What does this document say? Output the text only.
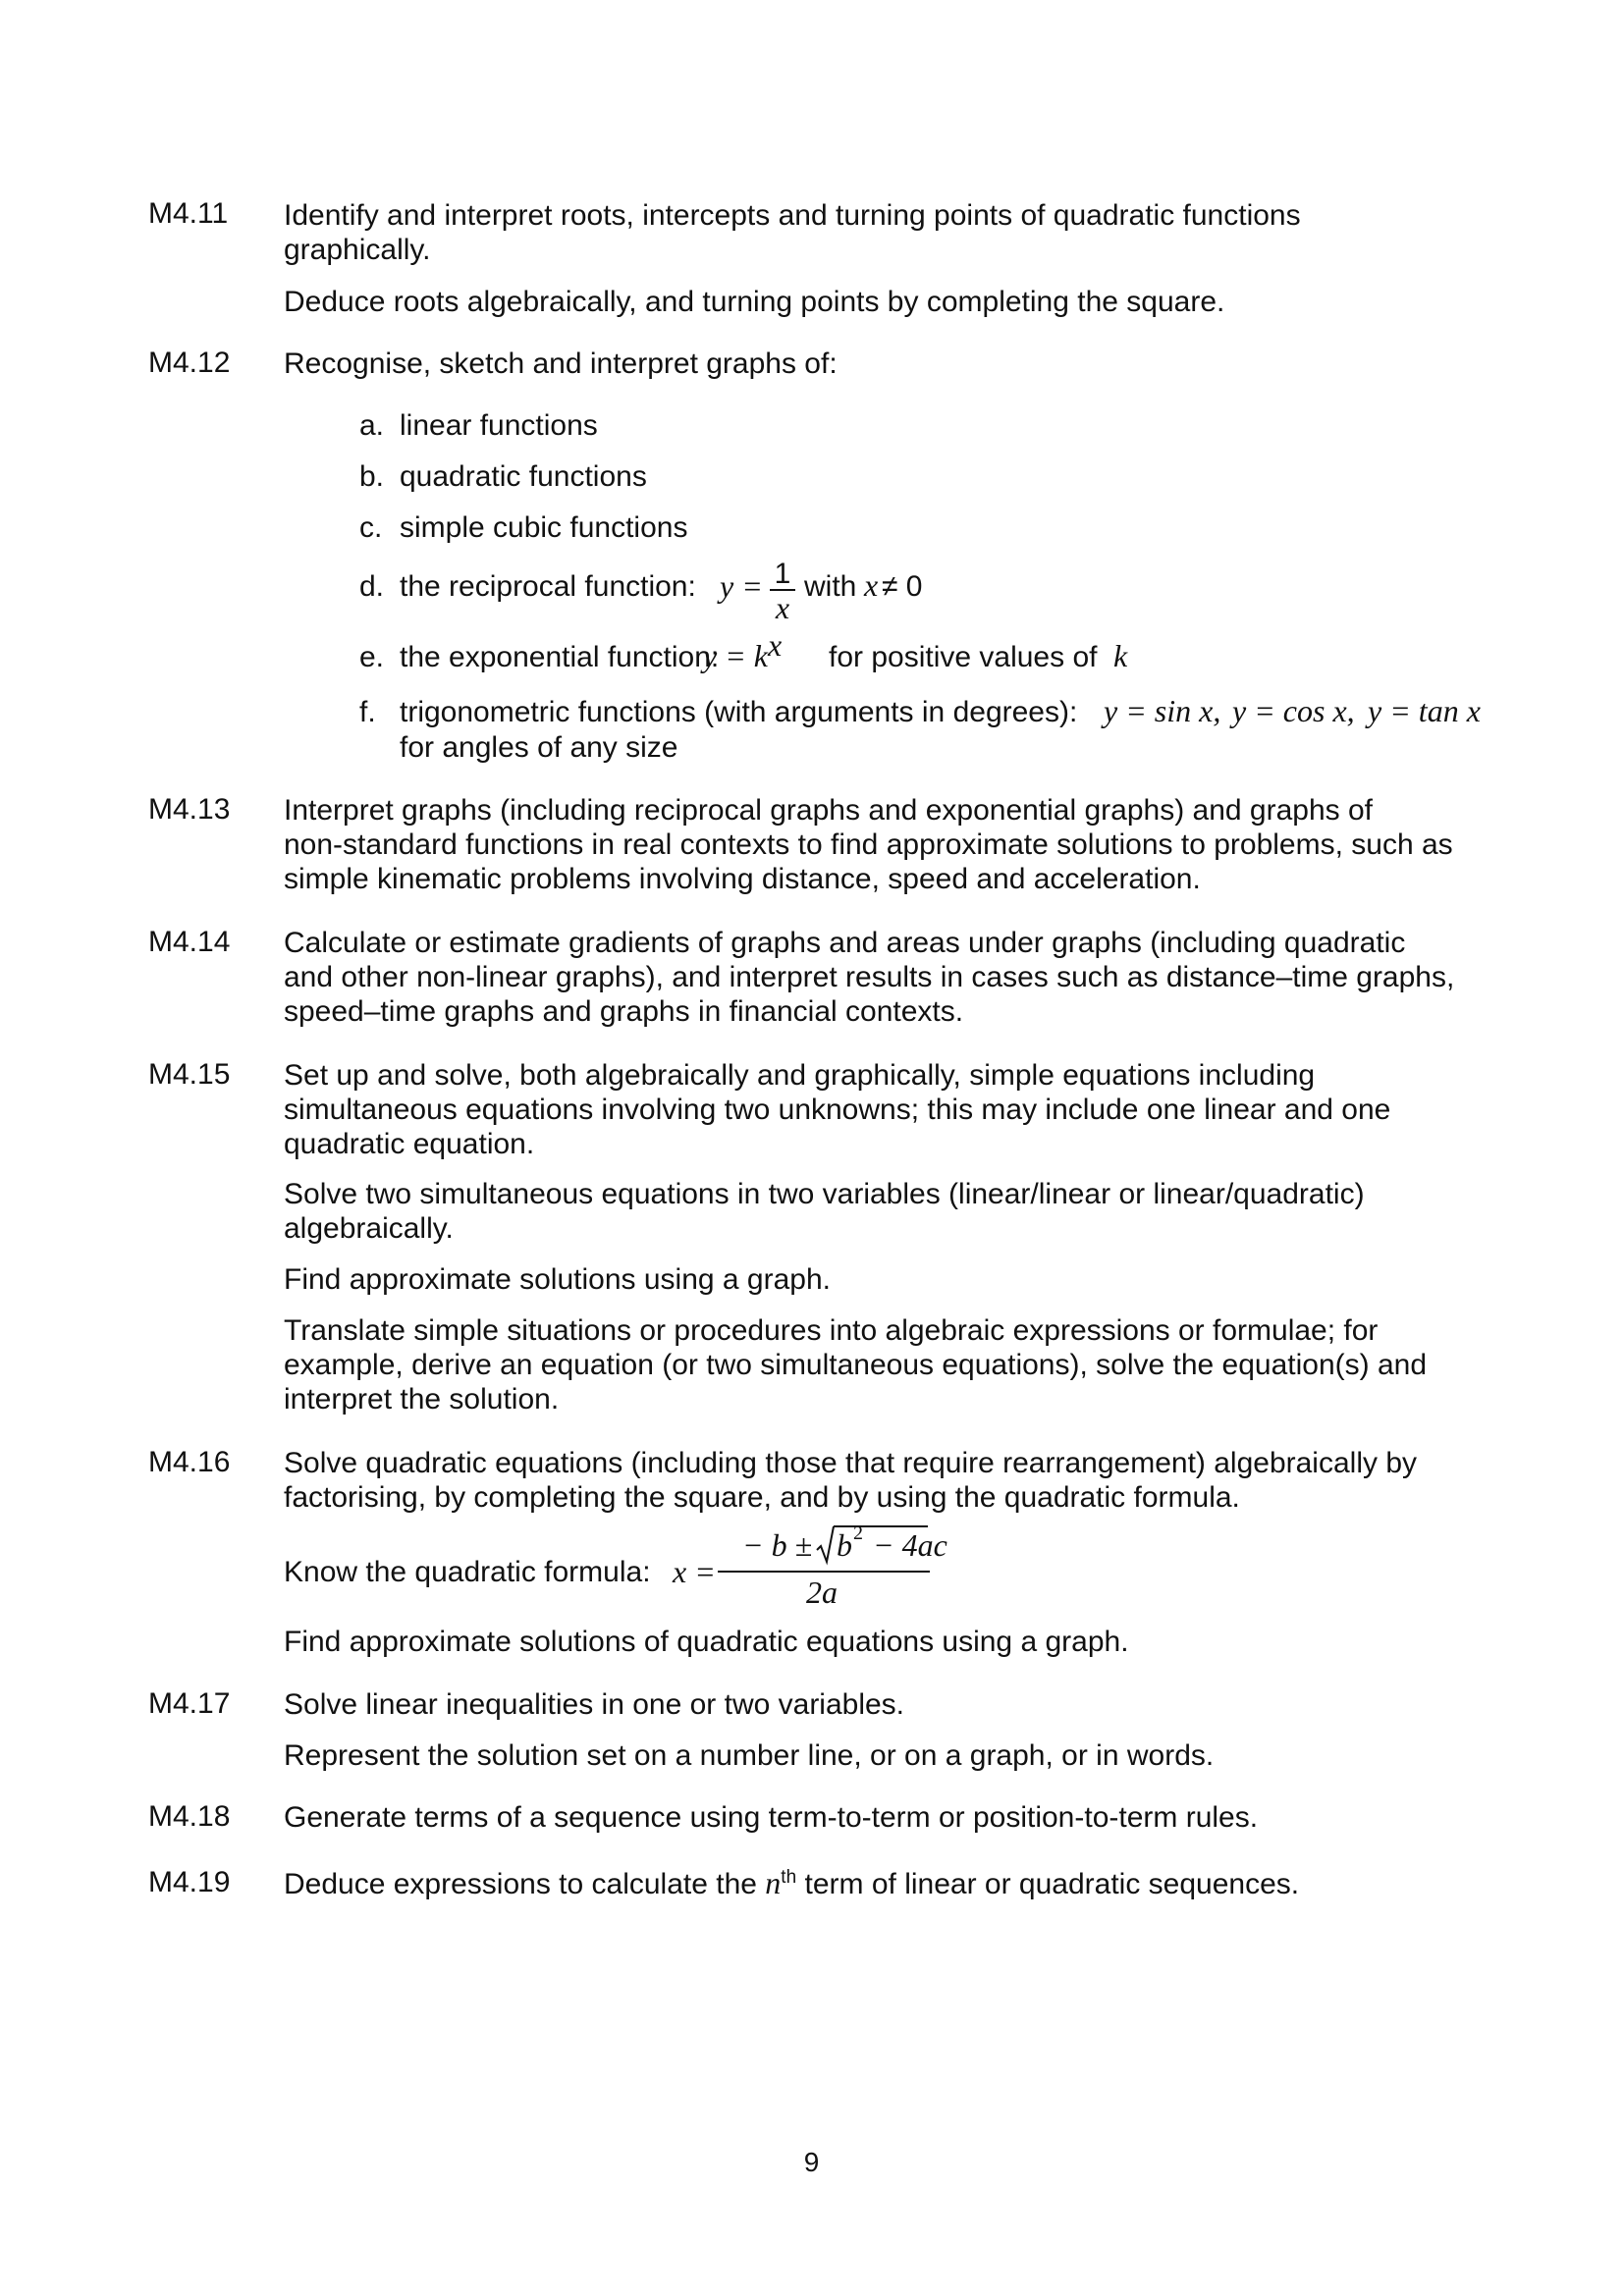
M4.11 Identify and interpret roots, intercepts and turning points of quadratic functions
graphically.
Deduce roots algebraically, and turning points by completing the square.
M4.12 Recognise, sketch and interpret graphs of:
a. linear functions
b. quadratic functions
c. simple cubic functions
d. the reciprocal function: y = 1
x
with x ≠ 0
e. the exponential function:
$y = k^x$ for positive values of k
f. trigonometric functions (with arguments in degrees): y = sin x, y = cos x, y = tan x
for angles of any size
M4.13 Interpret graphs (including reciprocal graphs and exponential graphs) and graphs of
non-standard functions in real contexts to find approximate solutions to problems, such as
simple kinematic problems involving distance, speed and acceleration.
M4.14 Calculate or estimate gradients of graphs and areas under graphs (including quadratic
and other non-linear graphs), and interpret results in cases such as distance–time graphs,
speed–time graphs and graphs in financial contexts.
M4.15 Set up and solve, both algebraically and graphically, simple equations including
simultaneous equations involving two unknowns; this may include one linear and one
quadratic equation.
Solve two simultaneous equations in two variables (linear/linear or linear/quadratic)
algebraically.
Find approximate solutions using a graph.
Translate simple situations or procedures into algebraic expressions or formulae; for
example, derive an equation (or two simultaneous equations), solve the equation(s) and
interpret the solution.
M4.16 Solve quadratic equations (including those that require rearrangement) algebraically by
factorising, by completing the square, and by using the quadratic formula.
Know the quadratic formula: x =
− b ± b 2 − 4ac
2a
Find approximate solutions of quadratic equations using a graph.
M4.17 Solve linear inequalities in one or two variables.
Represent the solution set on a number line, or on a graph, or in words.
M4.18 Generate terms of a sequence using term-to-term or position-to-term rules.
M4.19 Deduce expressions to calculate the $n^{th}$ term of linear or quadratic sequences.
9
